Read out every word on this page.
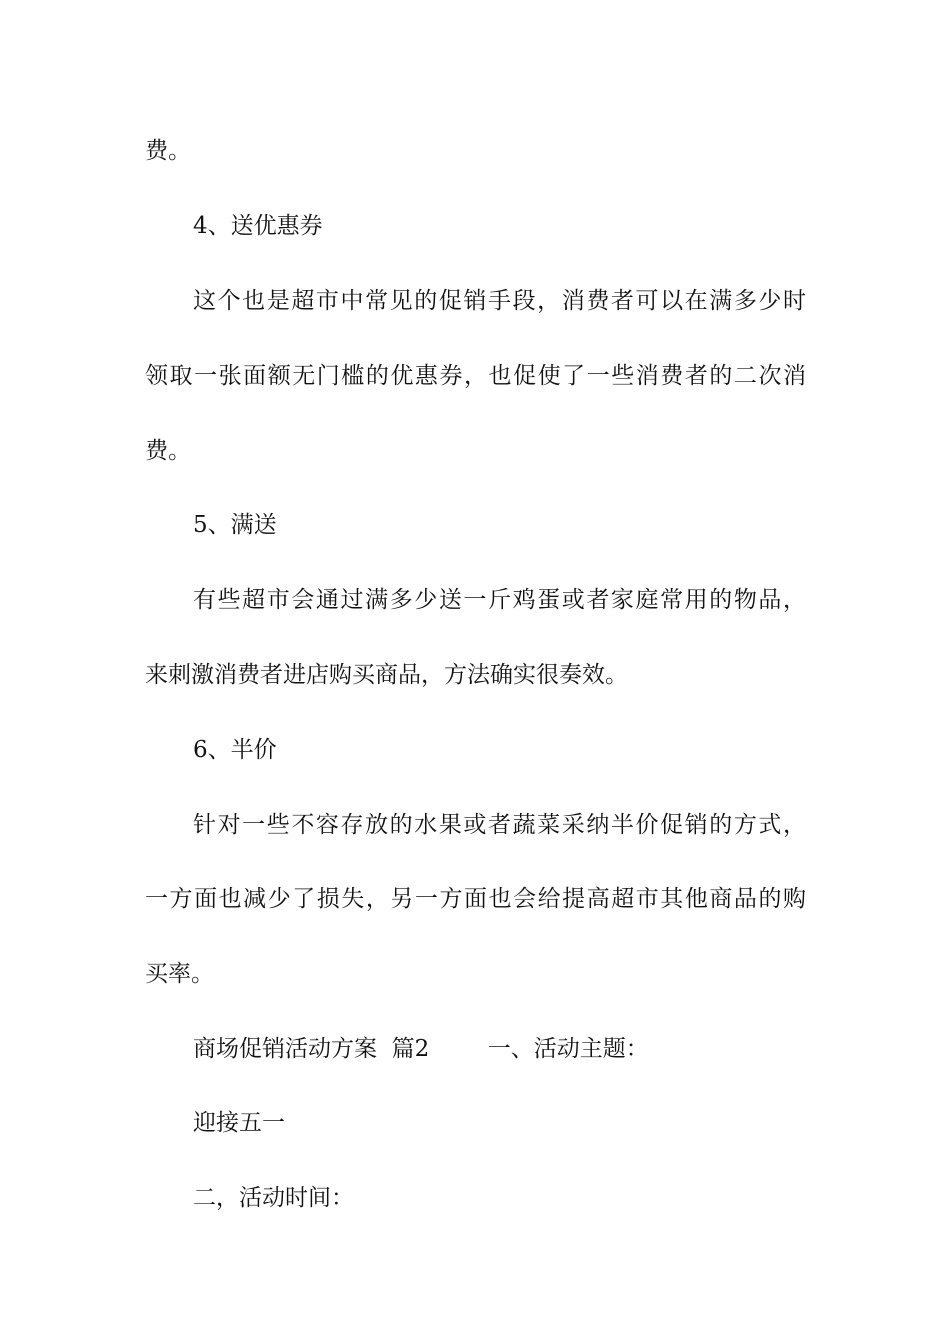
费。
4、送优惠券
这个也是超市中常见的促销手段，消费者可以在满多少时
领取一张面额无门槛的优惠券，也促使了一些消费者的二次消
费。
5、满送
有些超市会通过满多少送一斤鸡蛋或者家庭常用的物品，
来刺激消费者进店购买商品，方法确实很奏效。
6、半价
针对一些不容存放的水果或者蔬菜采纳半价促销的方式，
一方面也减少了损失，另一方面也会给提高超市其他商品的购
买率。
商场促销活动方案  篇2        一、活动主题：
迎接五一
二，活动时间：
